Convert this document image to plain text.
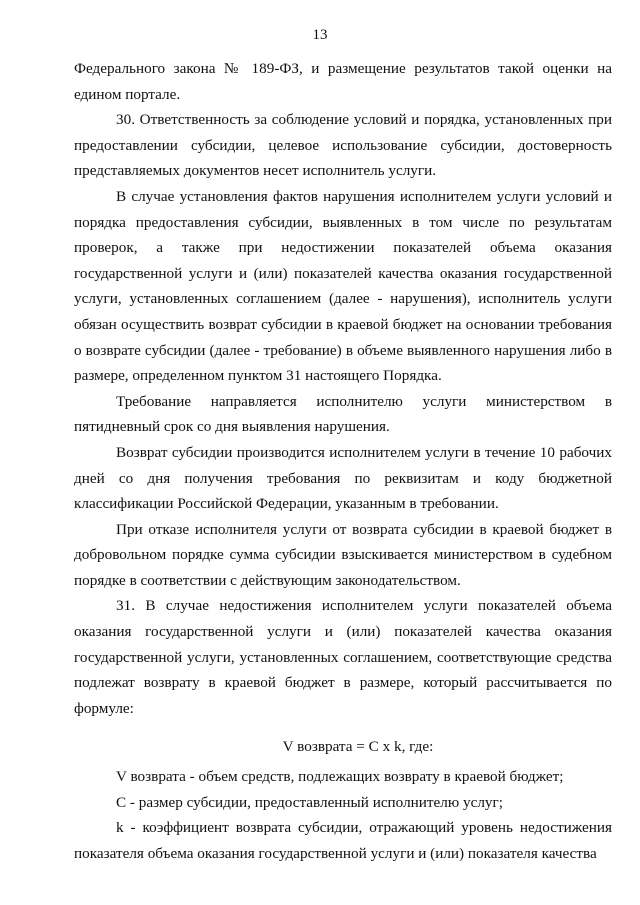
13

Федерального закона № 189-ФЗ, и размещение результатов такой оценки на едином портале.

30. Ответственность за соблюдение условий и порядка, установленных при предоставлении субсидии, целевое использование субсидии, достоверность представляемых документов несет исполнитель услуги.

В случае установления фактов нарушения исполнителем услуги условий и порядка предоставления субсидии, выявленных в том числе по результатам проверок, а также при недостижении показателей объема оказания государственной услуги и (или) показателей качества оказания государственной услуги, установленных соглашением (далее - нарушения), исполнитель услуги обязан осуществить возврат субсидии в краевой бюджет на основании требования о возврате субсидии (далее - требование) в объеме выявленного нарушения либо в размере, определенном пунктом 31 настоящего Порядка.

Требование направляется исполнителю услуги министерством в пятидневный срок со дня выявления нарушения.

Возврат субсидии производится исполнителем услуги в течение 10 рабочих дней со дня получения требования по реквизитам и коду бюджетной классификации Российской Федерации, указанным в требовании.

При отказе исполнителя услуги от возврата субсидии в краевой бюджет в добровольном порядке сумма субсидии взыскивается министерством в судебном порядке в соответствии с действующим законодательством.

31. В случае недостижения исполнителем услуги показателей объема оказания государственной услуги и (или) показателей качества оказания государственной услуги, установленных соглашением, соответствующие средства подлежат возврату в краевой бюджет в размере, который рассчитывается по формуле:

V возврата = C x k, где:

V возврата - объем средств, подлежащих возврату в краевой бюджет;

C - размер субсидии, предоставленный исполнителю услуг;

k - коэффициент возврата субсидии, отражающий уровень недостижения показателя объема оказания государственной услуги и (или) показателя качества
